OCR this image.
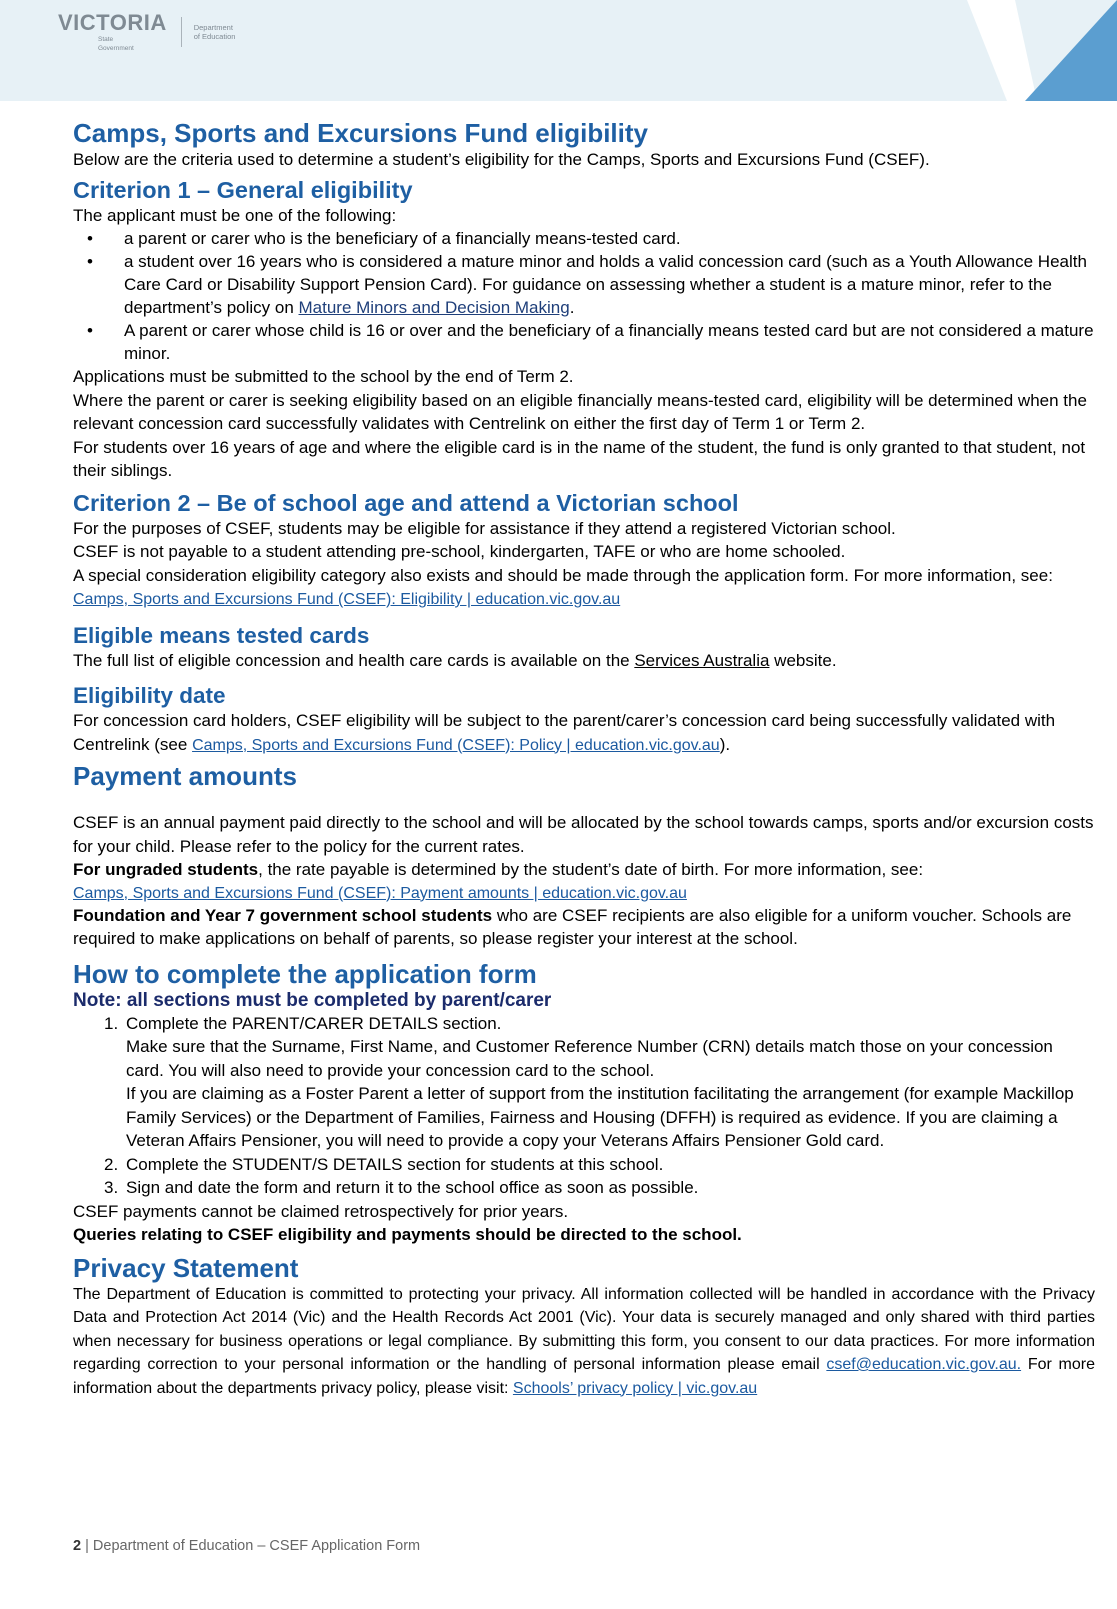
VICTORIA
State
Government
Department
of Education
Camps, Sports and Excursions Fund eligibility

Below are the criteria used to determine a student’s eligibility for the Camps, Sports and Excursions Fund (CSEF).

Criterion 1 – General eligibility

The applicant must be one of the following:

• a parent or carer who is the beneficiary of a financially means-tested card.
• a student over 16 years who is considered a mature minor and holds a valid concession card (such as a Youth Allowance Health Care Card or Disability Support Pension Card). For guidance on assessing whether a student is a mature minor, refer to the department’s policy on Mature Minors and Decision Making.
• A parent or carer whose child is 16 or over and the beneficiary of a financially means tested card but are not considered a mature minor.

Applications must be submitted to the school by the end of Term 2.

Where the parent or carer is seeking eligibility based on an eligible financially means-tested card, eligibility will be determined when the relevant concession card successfully validates with Centrelink on either the first day of Term 1 or Term 2.

For students over 16 years of age and where the eligible card is in the name of the student, the fund is only granted to that student, not their siblings.

Criterion 2 – Be of school age and attend a Victorian school

For the purposes of CSEF, students may be eligible for assistance if they attend a registered Victorian school.

CSEF is not payable to a student attending pre-school, kindergarten, TAFE or who are home schooled.

A special consideration eligibility category also exists and should be made through the application form. For more information, see: Camps, Sports and Excursions Fund (CSEF): Eligibility | education.vic.gov.au

Eligible means tested cards

The full list of eligible concession and health care cards is available on the Services Australia website.

Eligibility date

For concession card holders, CSEF eligibility will be subject to the parent/carer’s concession card being successfully validated with Centrelink (see Camps, Sports and Excursions Fund (CSEF): Policy | education.vic.gov.au).

Payment amounts

CSEF is an annual payment paid directly to the school and will be allocated by the school towards camps, sports and/or excursion costs for your child. Please refer to the policy for the current rates.

For ungraded students, the rate payable is determined by the student’s date of birth. For more information, see:

Camps, Sports and Excursions Fund (CSEF): Payment amounts | education.vic.gov.au

Foundation and Year 7 government school students who are CSEF recipients are also eligible for a uniform voucher. Schools are required to make applications on behalf of parents, so please register your interest at the school.

How to complete the application form

Note: all sections must be completed by parent/carer

1. Complete the PARENT/CARER DETAILS section.
Make sure that the Surname, First Name, and Customer Reference Number (CRN) details match those on your concession card. You will also need to provide your concession card to the school.
If you are claiming as a Foster Parent a letter of support from the institution facilitating the arrangement (for example Mackillop Family Services) or the Department of Families, Fairness and Housing (DFFH) is required as evidence. If you are claiming a Veteran Affairs Pensioner, you will need to provide a copy your Veterans Affairs Pensioner Gold card.
2. Complete the STUDENT/S DETAILS section for students at this school.
3. Sign and date the form and return it to the school office as soon as possible.

CSEF payments cannot be claimed retrospectively for prior years.

Queries relating to CSEF eligibility and payments should be directed to the school.

Privacy Statement

The Department of Education is committed to protecting your privacy. All information collected will be handled in accordance with the Privacy Data and Protection Act 2014 (Vic) and the Health Records Act 2001 (Vic). Your data is securely managed and only shared with third parties when necessary for business operations or legal compliance. By submitting this form, you consent to our data practices. For more information regarding correction to your personal information or the handling of personal information please email csef@education.vic.gov.au. For more information about the departments privacy policy, please visit: Schools’ privacy policy | vic.gov.au

2 | Department of Education – CSEF Application Form
